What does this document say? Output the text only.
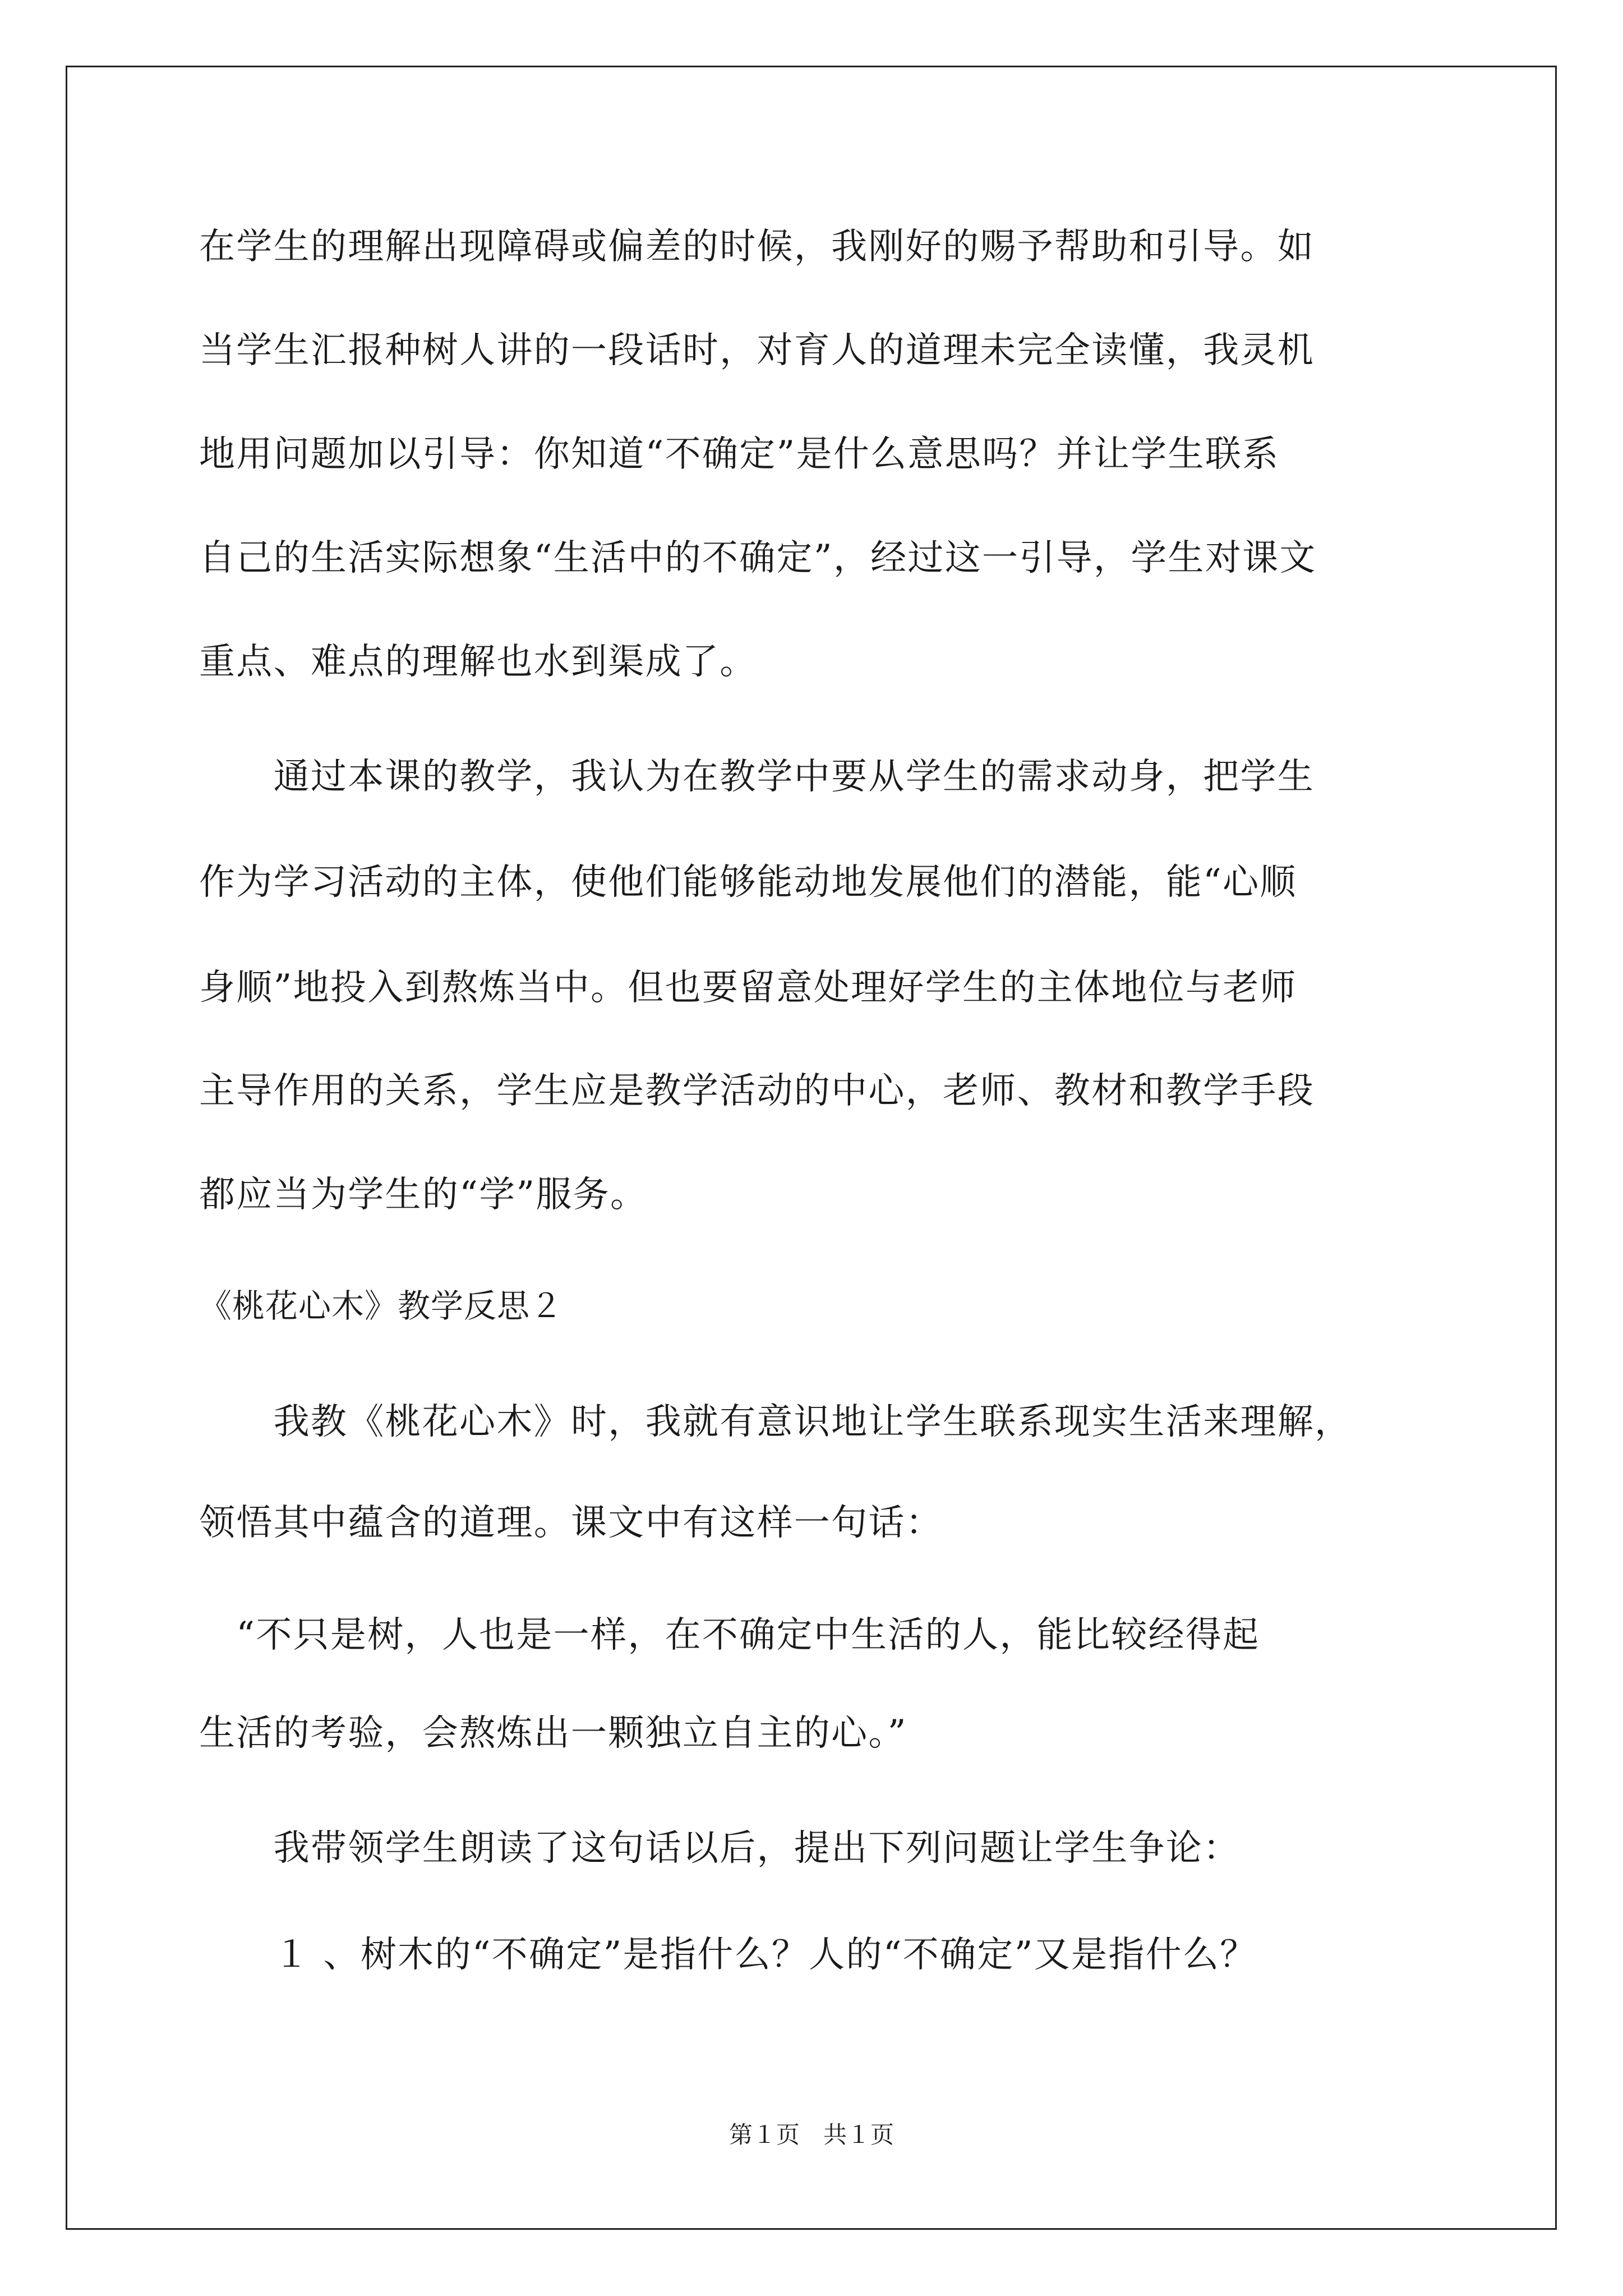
在学生的理解出现障碍或偏差的时候，我刚好的赐予帮助和引导。如

当学生汇报种树人讲的一段话时，对育人的道理未完全读懂，我灵机

地用问题加以引导：你知道“不确定”是什么意思吗？并让学生联系

自己的生活实际想象“生活中的不确定”，经过这一引导，学生对课文

重点、难点的理解也水到渠成了。

　　通过本课的教学，我认为在教学中要从学生的需求动身，把学生

作为学习活动的主体，使他们能够能动地发展他们的潜能，能“心顺

身顺”地投入到熬炼当中。但也要留意处理好学生的主体地位与老师

主导作用的关系，学生应是教学活动的中心，老师、教材和教学手段

都应当为学生的“学”服务。

《桃花心木》教学反思２

　　我教《桃花心木》时，我就有意识地让学生联系现实生活来理解，

领悟其中蕴含的道理。课文中有这样一句话：

　“不只是树，人也是一样，在不确定中生活的人，能比较经得起

生活的考验，会熬炼出一颗独立自主的心。”

　　我带领学生朗读了这句话以后，提出下列问题让学生争论：

　　１ 、树木的“不确定”是指什么？人的“不确定”又是指什么？

第１页　共１页
